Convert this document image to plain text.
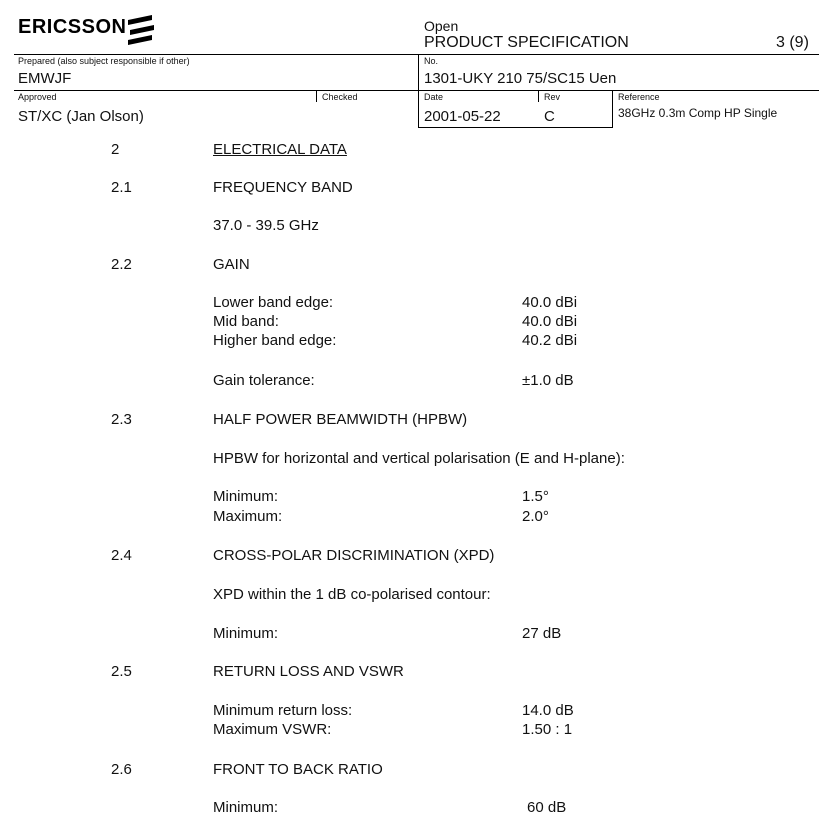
ERICSSON	Open
PRODUCT SPECIFICATION	3 (9)
Prepared (also subject responsible if other)
EMWJF
No.
1301-UKY 210 75/SC15 Uen
Approved
ST/XC (Jan Olson)
Checked	Date
2001-05-22
Rev
C
Reference
38GHz 0.3m Comp HP Single
2	ELECTRICAL DATA
2.1	FREQUENCY BAND
37.0 - 39.5 GHz
2.2	GAIN
Lower band edge:	40.0 dBi
Mid band:	40.0 dBi
Higher band edge:	40.2 dBi
Gain tolerance:	±1.0 dB
2.3	HALF POWER BEAMWIDTH (HPBW)
HPBW for horizontal and vertical polarisation (E and H-plane):
Minimum:	1.5°
Maximum:	2.0°
2.4	CROSS-POLAR DISCRIMINATION (XPD)
XPD within the 1 dB co-polarised contour:
Minimum:	27 dB
2.5	RETURN LOSS AND VSWR
Minimum return loss:	14.0 dB
Maximum VSWR:	1.50 : 1
2.6	FRONT TO BACK RATIO
Minimum:	60 dB
